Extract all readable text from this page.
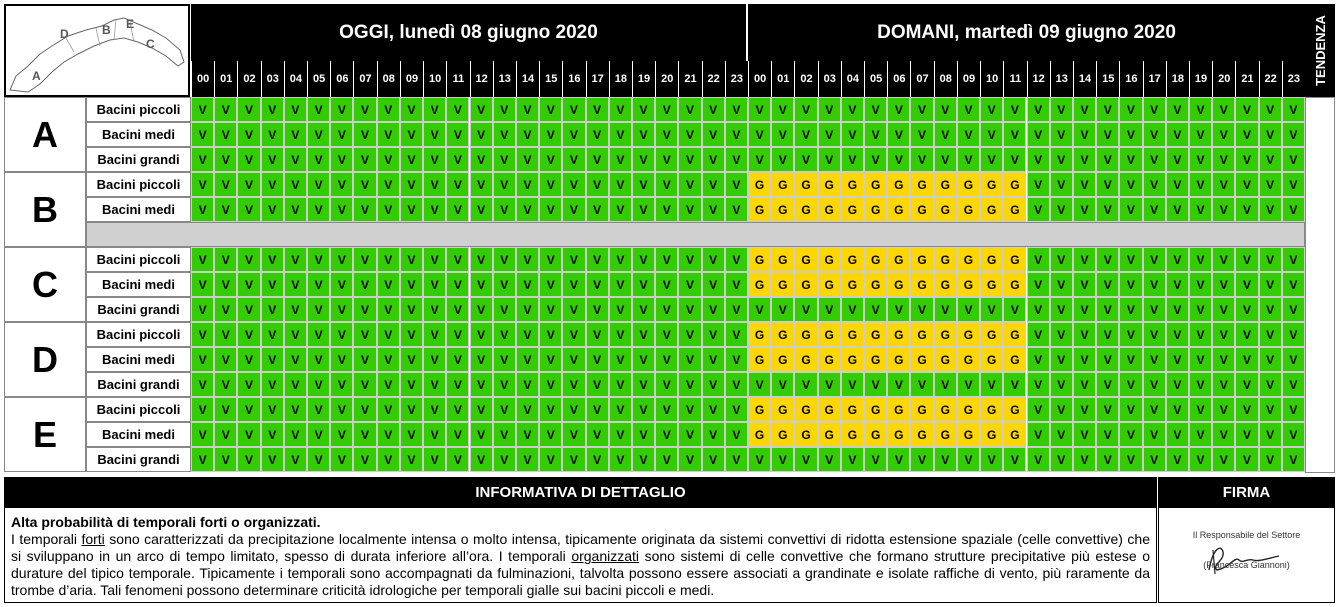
A
D	B E
C
OGGI, lunedì 08 giugno 2020	DOMANI, martedì 09 giugno 2020	TENDENZA
00 01 02 03 04 05 06 07 08 09 10	11	12 13 14 15 16 17 18 19 20 21 22 23 00 01 02 03 04 05 06 07 08 09 10	11	12 13 14 15 16 17 18 19 20 21 22 23
A
Bacini piccoli	V	V	V	V	V	V	V	V	V	V	V	V	V	V	V	V	V	V	V	V	V	V	V	V	V	V	V	V	V	V	V	V	V	V	V	V	V	V	V	V	V	V	V	V	V	V	V	V
Bacini medi	V	V	V	V	V	V	V	V	V	V	V	V	V	V	V	V	V	V	V	V	V	V	V	V	V	V	V	V	V	V	V	V	V	V	V	V	V	V	V	V	V	V	V	V	V	V	V	V
Bacini grandi	V	V	V	V	V	V	V	V	V	V	V	V	V	V	V	V	V	V	V	V	V	V	V	V	V	V	V	V	V	V	V	V	V	V	V	V	V	V	V	V	V	V	V	V	V	V	V	V
B
Bacini piccoli	V	V	V	V	V	V	V	V	V	V	V	V	V	V	V	V	V	V	V	V	V	V	V	V	G	G	G	G	G	G	G	G	G	G	G	G	V	V	V	V	V	V	V	V	V	V	V	V
Bacini medi	V	V	V	V	V	V	V	V	V	V	V	V	V	V	V	V	V	V	V	V	V	V	V	V	G	G	G	G	G	G	G	G	G	G	G	G	V	V	V	V	V	V	V	V	V	V	V	V
C
Bacini piccoli	V	V	V	V	V	V	V	V	V	V	V	V	V	V	V	V	V	V	V	V	V	V	V	V	G	G	G	G	G	G	G	G	G	G	G	G	V	V	V	V	V	V	V	V	V	V	V	V
Bacini medi	V	V	V	V	V	V	V	V	V	V	V	V	V	V	V	V	V	V	V	V	V	V	V	V	G	G	G	G	G	G	G	G	G	G	G	G	V	V	V	V	V	V	V	V	V	V	V	V
Bacini grandi	V	V	V	V	V	V	V	V	V	V	V	V	V	V	V	V	V	V	V	V	V	V	V	V	V	V	V	V	V	V	V	V	V	V	V	V	V	V	V	V	V	V	V	V	V	V	V	V
D
Bacini piccoli	V	V	V	V	V	V	V	V	V	V	V	V	V	V	V	V	V	V	V	V	V	V	V	V	G	G	G	G	G	G	G	G	G	G	G	G	V	V	V	V	V	V	V	V	V	V	V	V
Bacini medi	V	V	V	V	V	V	V	V	V	V	V	V	V	V	V	V	V	V	V	V	V	V	V	V	G	G	G	G	G	G	G	G	G	G	G	G	V	V	V	V	V	V	V	V	V	V	V	V
Bacini grandi	V	V	V	V	V	V	V	V	V	V	V	V	V	V	V	V	V	V	V	V	V	V	V	V	V	V	V	V	V	V	V	V	V	V	V	V	V	V	V	V	V	V	V	V	V	V	V	V
E
Bacini piccoli	V	V	V	V	V	V	V	V	V	V	V	V	V	V	V	V	V	V	V	V	V	V	V	V	G	G	G	G	G	G	G	G	G	G	G	G	V	V	V	V	V	V	V	V	V	V	V	V
Bacini medi	V	V	V	V	V	V	V	V	V	V	V	V	V	V	V	V	V	V	V	V	V	V	V	V	G	G	G	G	G	G	G	G	G	G	G	G	V	V	V	V	V	V	V	V	V	V	V	V
Bacini grandi	V	V	V	V	V	V	V	V	V	V	V	V	V	V	V	V	V	V	V	V	V	V	V	V	V	V	V	V	V	V	V	V	V	V	V	V	V	V	V	V	V	V	V	V	V	V	V	V
INFORMATIVA DI DETTAGLIO	FIRMA
Alta probabilità di temporali forti o organizzati.
I temporali forti sono caratterizzati da precipitazione localmente intensa o molto intensa, tipicamente originata da sistemi convettivi di ridotta estensione spaziale (celle convettive) che si sviluppano in un arco di tempo limitato, spesso di durata inferiore all’ora. I temporali organizzati sono sistemi di celle convettive che formano strutture precipitative più estese o durature del tipico temporale. Tipicamente i temporali sono accompagnati da fulminazioni, talvolta possono essere associati a grandinate e isolate raffiche di vento, più raramente da trombe d’aria. Tali fenomeni possono determinare criticità idrologiche per temporali gialle sui bacini piccoli e medi.
Il Responsabile del Settore
(Francesca Giannoni)
